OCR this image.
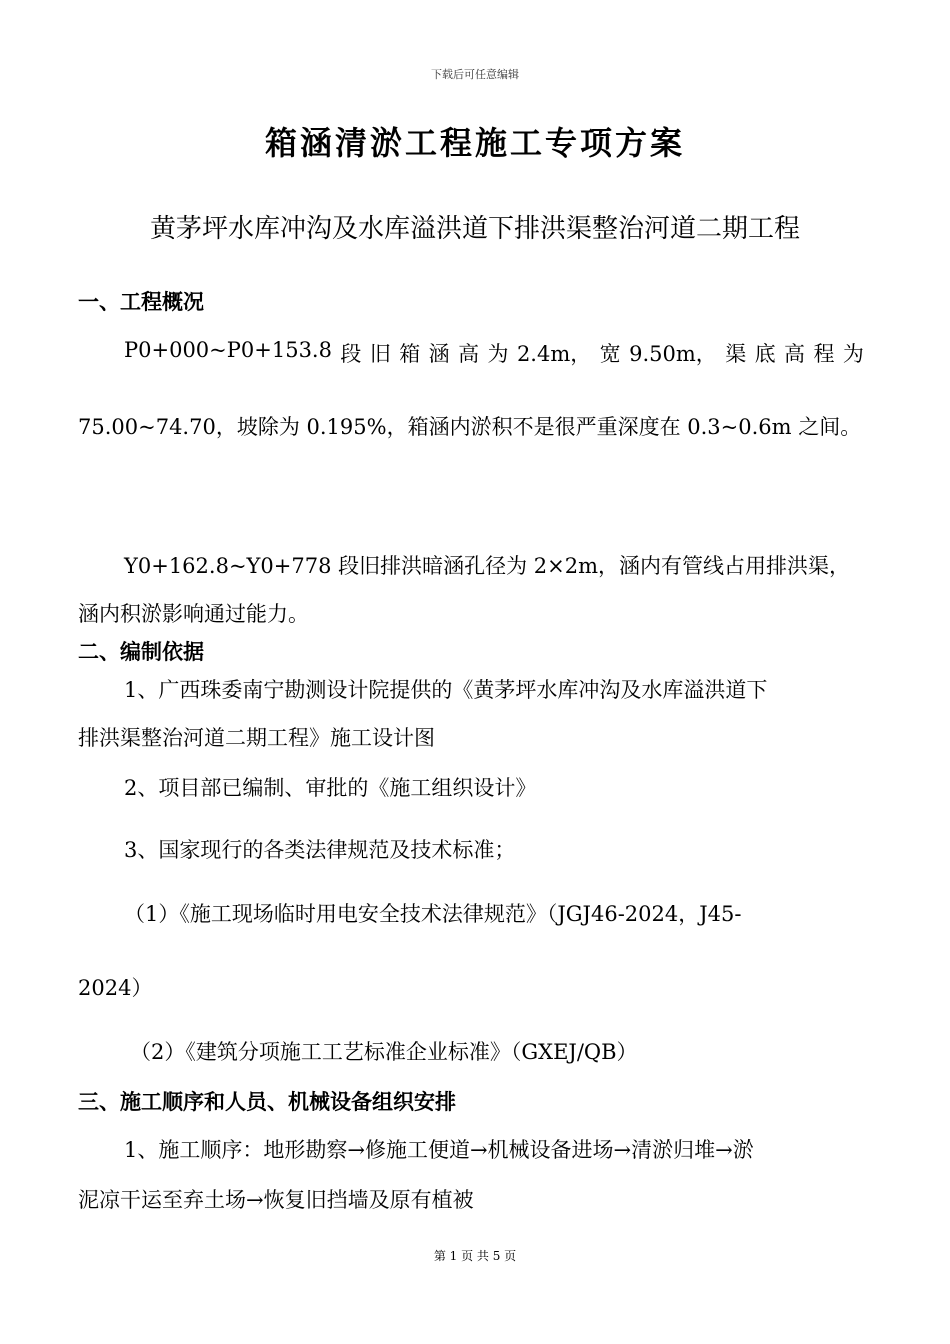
下载后可任意编辑
箱涵清淤工程施工专项方案
黄茅坪水库冲沟及水库溢洪道下排洪渠整治河道二期工程
一、工程概况
P0+000~P0+153.8 段 旧 箱 涵 高 为 2.4m， 宽 9.50m， 渠 底 高 程 为
75.00~74.70，坡除为 0.195%，箱涵内淤积不是很严重深度在 0.3~0.6m 之间。
Y0+162.8~Y0+778 段旧排洪暗涵孔径为 2×2m，涵内有管线占用排洪渠，
涵内积淤影响通过能力。
二、编制依据
1、广西珠委南宁勘测设计院提供的《黄茅坪水库冲沟及水库溢洪道下
排洪渠整治河道二期工程》施工设计图
2、项目部已编制、审批的《施工组织设计》
3、国家现行的各类法律规范及技术标准；
（1）《施工现场临时用电安全技术法律规范》（JGJ46-2024，J45-
2024）
（2）《建筑分项施工工艺标准企业标准》（GXEJ/QB）
三、施工顺序和人员、机械设备组织安排
1、施工顺序：地形勘察→修施工便道→机械设备进场→清淤归堆→淤
泥凉干运至弃土场→恢复旧挡墙及原有植被
第 1 页 共 5 页
